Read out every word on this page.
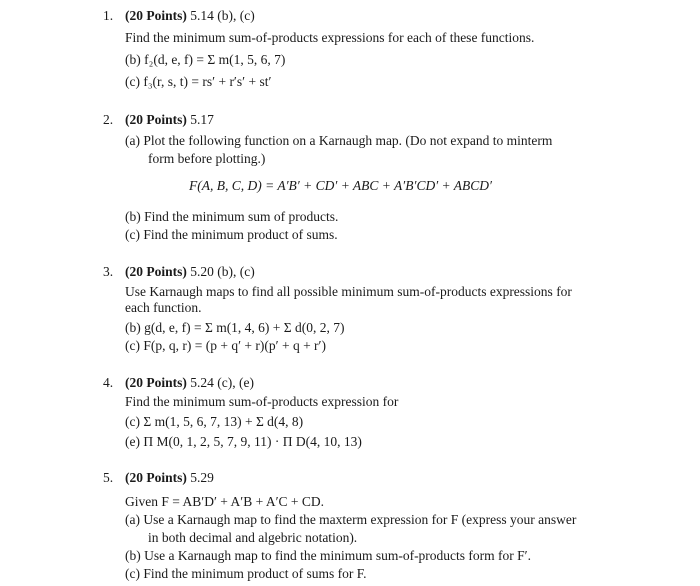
1. (20 Points) 5.14 (b), (c)
Find the minimum sum-of-products expressions for each of these functions.
(b) f₂(d, e, f) = Σ m(1, 5, 6, 7)
(c) f₃(r, s, t) = rs′ + r′s′ + st′
2. (20 Points) 5.17
(a) Plot the following function on a Karnaugh map. (Do not expand to minterm
form before plotting.)
F(A, B, C, D) = A′B′ + CD′ + ABC + A′B′CD′ + ABCD′
(b) Find the minimum sum of products.
(c) Find the minimum product of sums.
3. (20 Points) 5.20 (b), (c)
Use Karnaugh maps to find all possible minimum sum-of-products expressions for
each function.
(b) g(d, e, f) = Σ m(1, 4, 6) + Σ d(0, 2, 7)
(c) F(p, q, r) = (p + q′ + r)(p′ + q + r′)
4. (20 Points) 5.24 (c), (e)
Find the minimum sum-of-products expression for
(c) Σ m(1, 5, 6, 7, 13) + Σ d(4, 8)
(e) Π M(0, 1, 2, 5, 7, 9, 11) · Π D(4, 10, 13)
5. (20 Points) 5.29
Given F = AB′D′ + A′B + A′C + CD.
(a) Use a Karnaugh map to find the maxterm expression for F (express your answer
in both decimal and algebric notation).
(b) Use a Karnaugh map to find the minimum sum-of-products form for F′.
(c) Find the minimum product of sums for F.
